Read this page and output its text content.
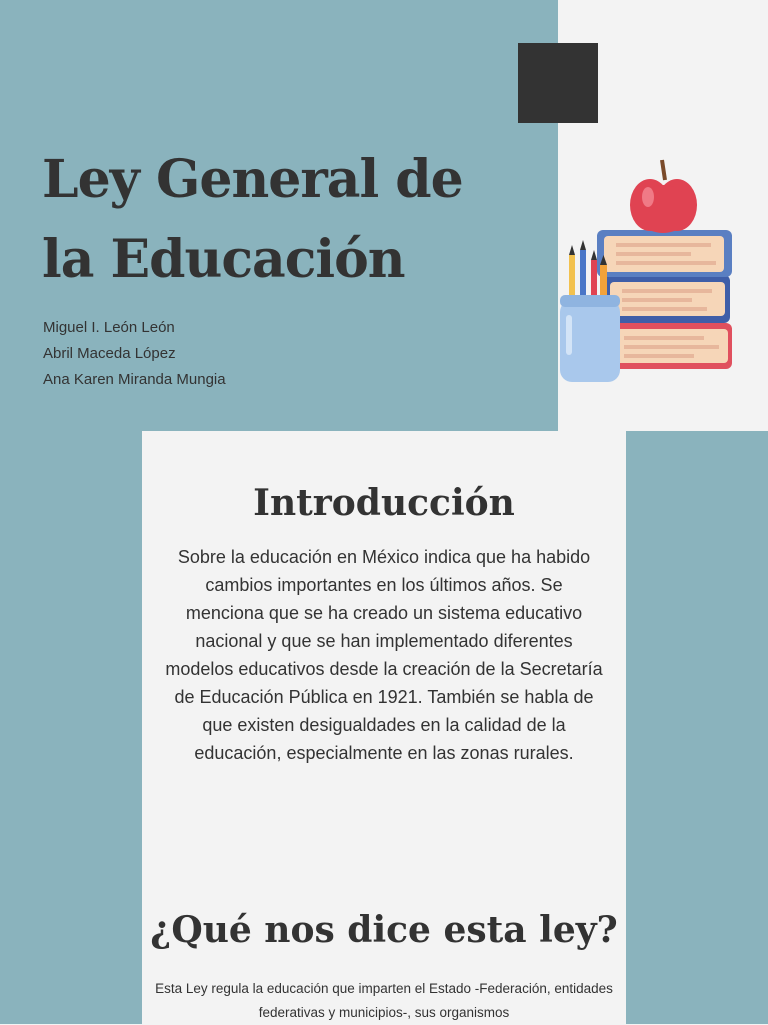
Ley General de la Educación
Miguel I. León León
Abril Maceda López
Ana Karen Miranda Mungia
Introducción

Sobre la educación en México indica que ha habido cambios importantes en los últimos años. Se menciona que se ha creado un sistema educativo nacional y que se han implementado diferentes modelos educativos desde la creación de la Secretaría de Educación Pública en 1921. También se habla de que existen desigualdades en la calidad de la educación, especialmente en las zonas rurales.

¿Qué nos dice esta ley?

Esta Ley regula la educación que imparten el Estado -Federación, entidades federativas y municipios-, sus organismos
